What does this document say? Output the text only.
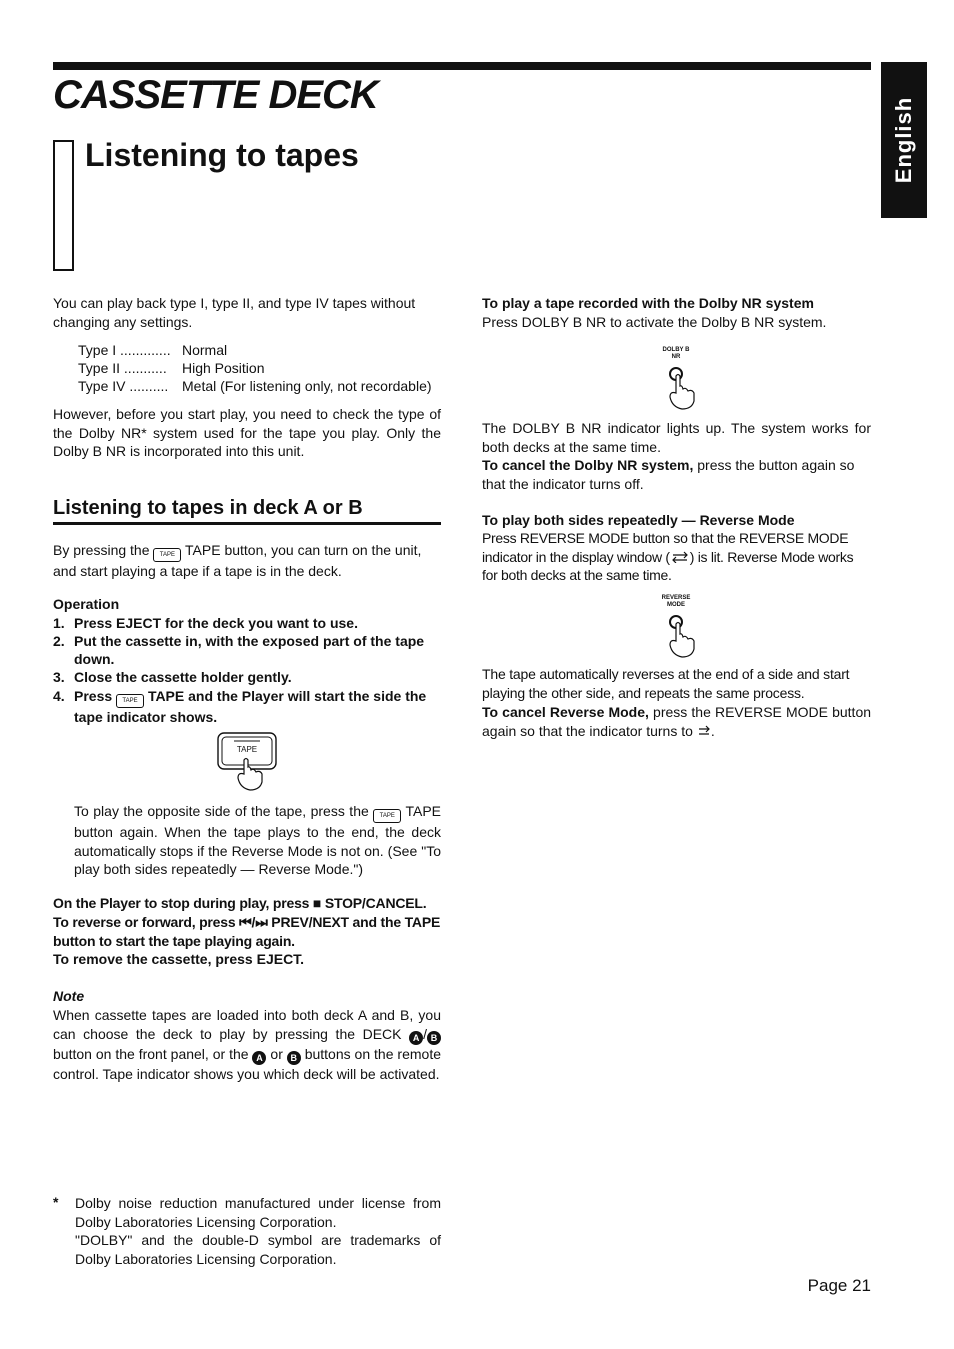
CASSETTE DECK
Listening to tapes	English
You can play back type I, type II, and type IV tapes without changing any settings.
Type I ............. Normal
Type II ........... High Position
Type IV .......... Metal (For listening only, not recordable)
However, before you start play, you need to check the type of the Dolby NR* system used for the tape you play. Only the Dolby B NR is incorporated into this unit.
Listening to tapes in deck A or B
By pressing the TAPE TAPE button, you can turn on the unit, and start playing a tape if a tape is in the deck.
Operation
1. Press EJECT for the deck you want to use.
2. Put the cassette in, with the exposed part of the tape down.
3. Close the cassette holder gently.
4. Press TAPE TAPE and the Player will start the side the tape indicator shows.
TAPE
To play the opposite side of the tape, press the TAPE TAPE button again. When the tape plays to the end, the deck automatically stops if the Reverse Mode is not on. (See "To play both sides repeatedly — Reverse Mode.")
On the Player to stop during play, press ■ STOP/CANCEL.
To reverse or forward, press ⏮/⏭ PREV/NEXT and the TAPE button to start the tape playing again.
To remove the cassette, press EJECT.
Note
When cassette tapes are loaded into both deck A and B, you can choose the deck to play by pressing the DECK A / B button on the front panel, or the A or B buttons on the remote control. Tape indicator shows you which deck will be activated.
* Dolby noise reduction manufactured under license from Dolby Laboratories Licensing Corporation.
"DOLBY" and the double-D symbol are trademarks of Dolby Laboratories Licensing Corporation.
To play a tape recorded with the Dolby NR system
Press DOLBY B NR to activate the Dolby B NR system.
DOLBY B
NR
The DOLBY B NR indicator lights up. The system works for both decks at the same time.
To cancel the Dolby NR system, press the button again so that the indicator turns off.
To play both sides repeatedly — Reverse Mode
Press REVERSE MODE button so that the REVERSE MODE indicator in the display window ( ) is lit. Reverse Mode works for both decks at the same time.
REVERSE
MODE
The tape automatically reverses at the end of a side and start playing the other side, and repeats the same process.
To cancel Reverse Mode, press the REVERSE MODE button again so that the indicator turns to .
Page 21
